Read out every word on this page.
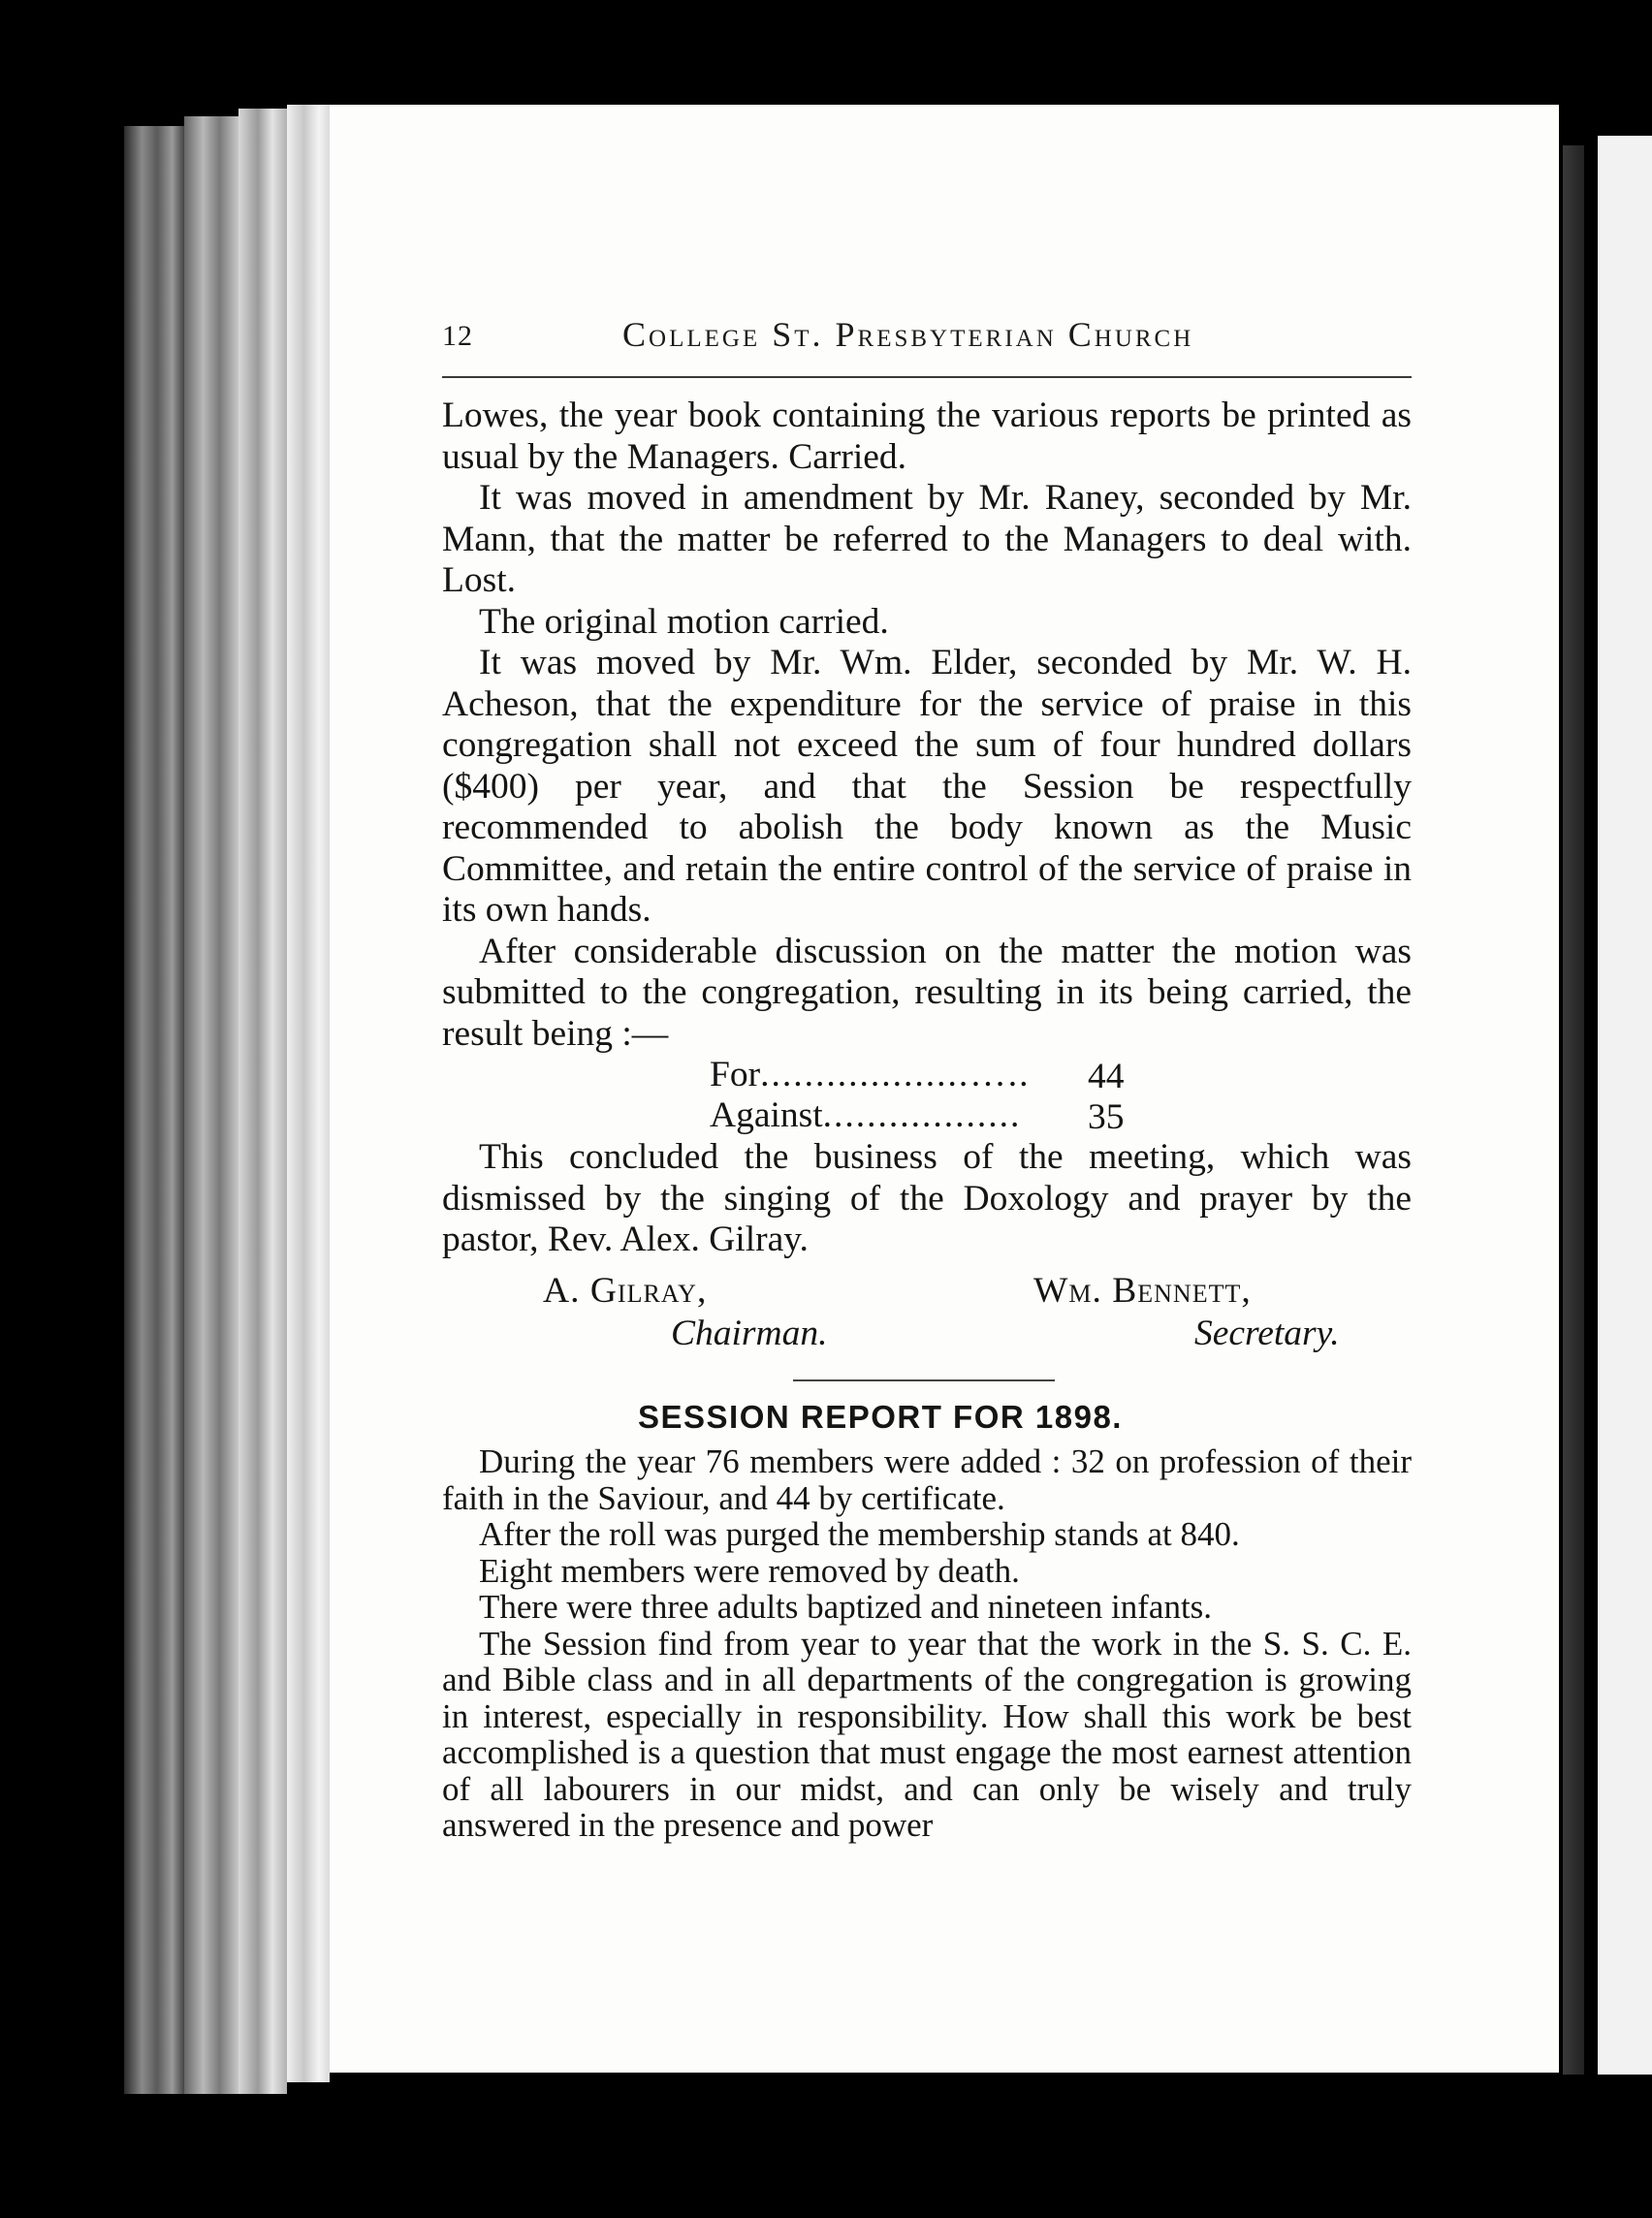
12	College St. Presbyterian Church

Lowes, the year book containing the various reports be printed as usual by the Managers. Carried.

It was moved in amendment by Mr. Raney, seconded by Mr. Mann, that the matter be referred to the Managers to deal with. Lost.

The original motion carried.

It was moved by Mr. Wm. Elder, seconded by Mr. W. H. Acheson, that the expenditure for the service of praise in this congregation shall not exceed the sum of four hundred dollars ($400) per year, and that the Session be respectfully recommended to abolish the body known as the Music Committee, and retain the entire control of the service of praise in its own hands.

After considerable discussion on the matter the motion was submitted to the congregation, resulting in its being carried, the result being :—

For...................….. 44
Against.................. 35

This concluded the business of the meeting, which was dismissed by the singing of the Doxology and prayer by the pastor, Rev. Alex. Gilray.

A. Gilray,
Chairman.
Wm. Bennett,
Secretary.
SESSION REPORT FOR 1898.

During the year 76 members were added : 32 on profession of their faith in the Saviour, and 44 by certificate.

After the roll was purged the membership stands at 840.

Eight members were removed by death.

There were three adults baptized and nineteen infants.

The Session find from year to year that the work in the S. S. C. E. and Bible class and in all departments of the congregation is growing in interest, especially in responsibility. How shall this work be best accomplished is a question that must engage the most earnest attention of all labourers in our midst, and can only be wisely and truly answered in the presence and power
